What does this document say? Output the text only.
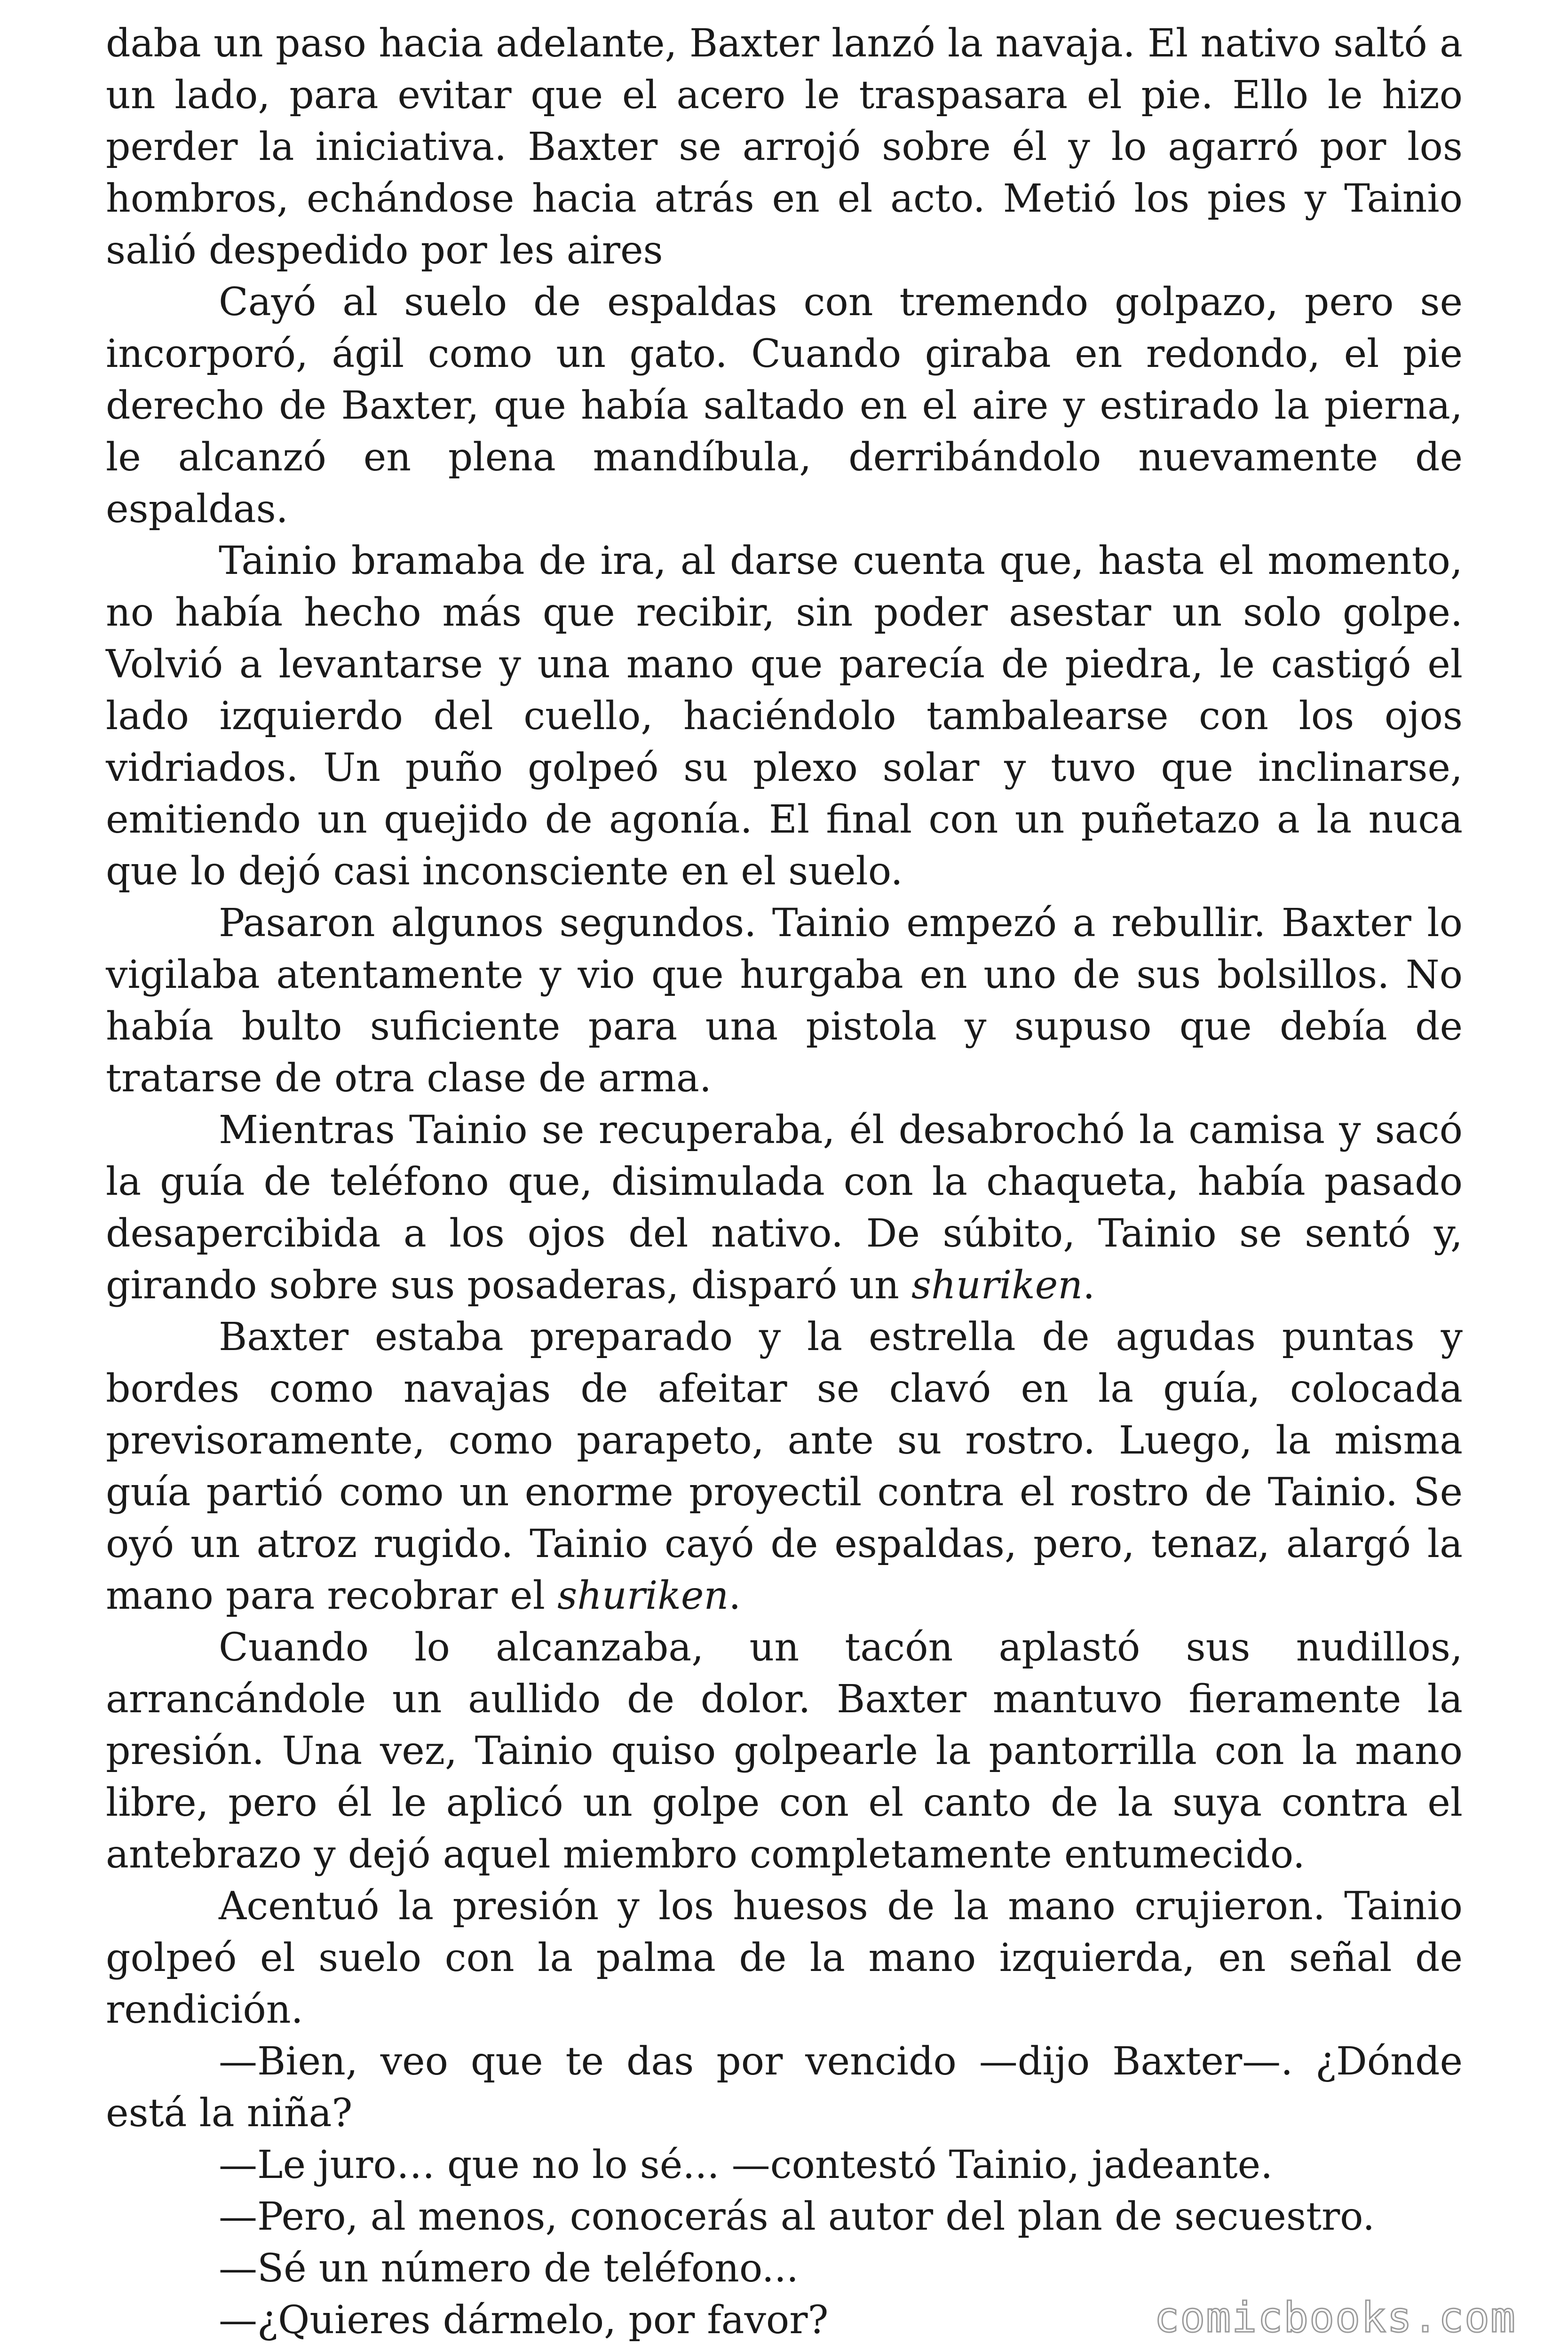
daba un paso hacia adelante, Baxter lanzó la navaja. El nativo saltó a un lado, para evitar que el acero le traspasara el pie. Ello le hizo perder la iniciativa. Baxter se arrojó sobre él y lo agarró por los hombros, echándose hacia atrás en el acto. Metió los pies y Tainio salió despedido por les aires

Cayó al suelo de espaldas con tremendo golpazo, pero se incorporó, ágil como un gato. Cuando giraba en redondo, el pie derecho de Baxter, que había saltado en el aire y estirado la pierna, le alcanzó en plena mandíbula, derribándolo nuevamente de espaldas.

Tainio bramaba de ira, al darse cuenta que, hasta el momento, no había hecho más que recibir, sin poder asestar un solo golpe. Volvió a levantarse y una mano que parecía de piedra, le castigó el lado izquierdo del cuello, haciéndolo tambalearse con los ojos vidriados. Un puño golpeó su plexo solar y tuvo que inclinarse, emitiendo un quejido de agonía. El final con un puñetazo a la nuca que lo dejó casi inconsciente en el suelo.

Pasaron algunos segundos. Tainio empezó a rebullir. Baxter lo vigilaba atentamente y vio que hurgaba en uno de sus bolsillos. No había bulto suficiente para una pistola y supuso que debía de tratarse de otra clase de arma.

Mientras Tainio se recuperaba, él desabrochó la camisa y sacó la guía de teléfono que, disimulada con la chaqueta, había pasado desapercibida a los ojos del nativo. De súbito, Tainio se sentó y, girando sobre sus posaderas, disparó un shuriken.

Baxter estaba preparado y la estrella de agudas puntas y bordes como navajas de afeitar se clavó en la guía, colocada previsoramente, como parapeto, ante su rostro. Luego, la misma guía partió como un enorme proyectil contra el rostro de Tainio. Se oyó un atroz rugido. Tainio cayó de espaldas, pero, tenaz, alargó la mano para recobrar el shuriken.

Cuando lo alcanzaba, un tacón aplastó sus nudillos, arrancándole un aullido de dolor. Baxter mantuvo fieramente la presión. Una vez, Tainio quiso golpearle la pantorrilla con la mano libre, pero él le aplicó un golpe con el canto de la suya contra el antebrazo y dejó aquel miembro completamente entumecido.

Acentuó la presión y los huesos de la mano crujieron. Tainio golpeó el suelo con la palma de la mano izquierda, en señal de rendición.

—Bien, veo que te das por vencido —dijo Baxter—. ¿Dónde está la niña?

—Le juro… que no lo sé... —contestó Tainio, jadeante.

—Pero, al menos, conocerás al autor del plan de secuestro.

—Sé un número de teléfono...

—¿Quieres dármelo, por favor?	comicbooks.com
